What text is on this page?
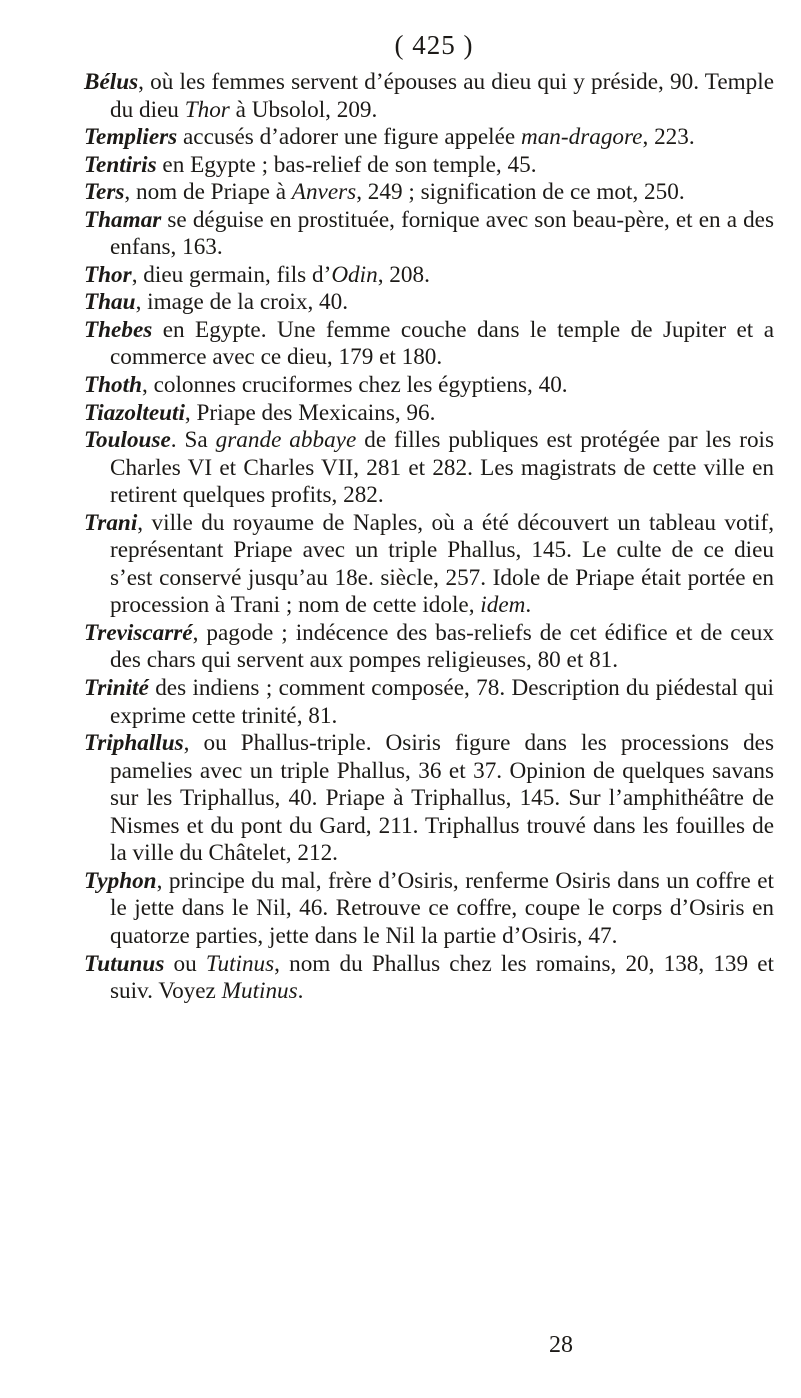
( 425 )

Bélus, où les femmes servent d’épouses au dieu qui y préside, 90. Temple du dieu Thor à Ubsolol, 209.

Templiers accusés d’adorer une figure appelée man-dragore, 223.

Tentiris en Egypte ; bas-relief de son temple, 45.

Ters, nom de Priape à Anvers, 249 ; signification de ce mot, 250.

Thamar se déguise en prostituée, fornique avec son beau-père, et en a des enfans, 163.

Thor, dieu germain, fils d’Odin, 208.

Thau, image de la croix, 40.

Thebes en Egypte. Une femme couche dans le temple de Jupiter et a commerce avec ce dieu, 179 et 180.

Thoth, colonnes cruciformes chez les égyptiens, 40.

Tiazolteuti, Priape des Mexicains, 96.

Toulouse. Sa grande abbaye de filles publiques est protégée par les rois Charles VI et Charles VII, 281 et 282. Les magistrats de cette ville en retirent quelques profits, 282.

Trani, ville du royaume de Naples, où a été découvert un tableau votif, représentant Priape avec un triple Phallus, 145. Le culte de ce dieu s’est conservé jusqu’au 18e. siècle, 257. Idole de Priape était portée en procession à Trani ; nom de cette idole, idem.

Treviscarré, pagode ; indécence des bas-reliefs de cet édifice et de ceux des chars qui servent aux pompes religieuses, 80 et 81.

Trinité des indiens ; comment composée, 78. Description du piédestal qui exprime cette trinité, 81.

Triphallus, ou Phallus-triple. Osiris figure dans les processions des pamelies avec un triple Phallus, 36 et 37. Opinion de quelques savans sur les Triphallus, 40. Priape à Triphallus, 145. Sur l’amphithéâtre de Nismes et du pont du Gard, 211. Triphallus trouvé dans les fouilles de la ville du Châtelet, 212.

Typhon, principe du mal, frère d’Osiris, renferme Osiris dans un coffre et le jette dans le Nil, 46. Retrouve ce coffre, coupe le corps d’Osiris en quatorze parties, jette dans le Nil la partie d’Osiris, 47.

Tutunus ou Tutinus, nom du Phallus chez les romains, 20, 138, 139 et suiv. Voyez Mutinus.

28
